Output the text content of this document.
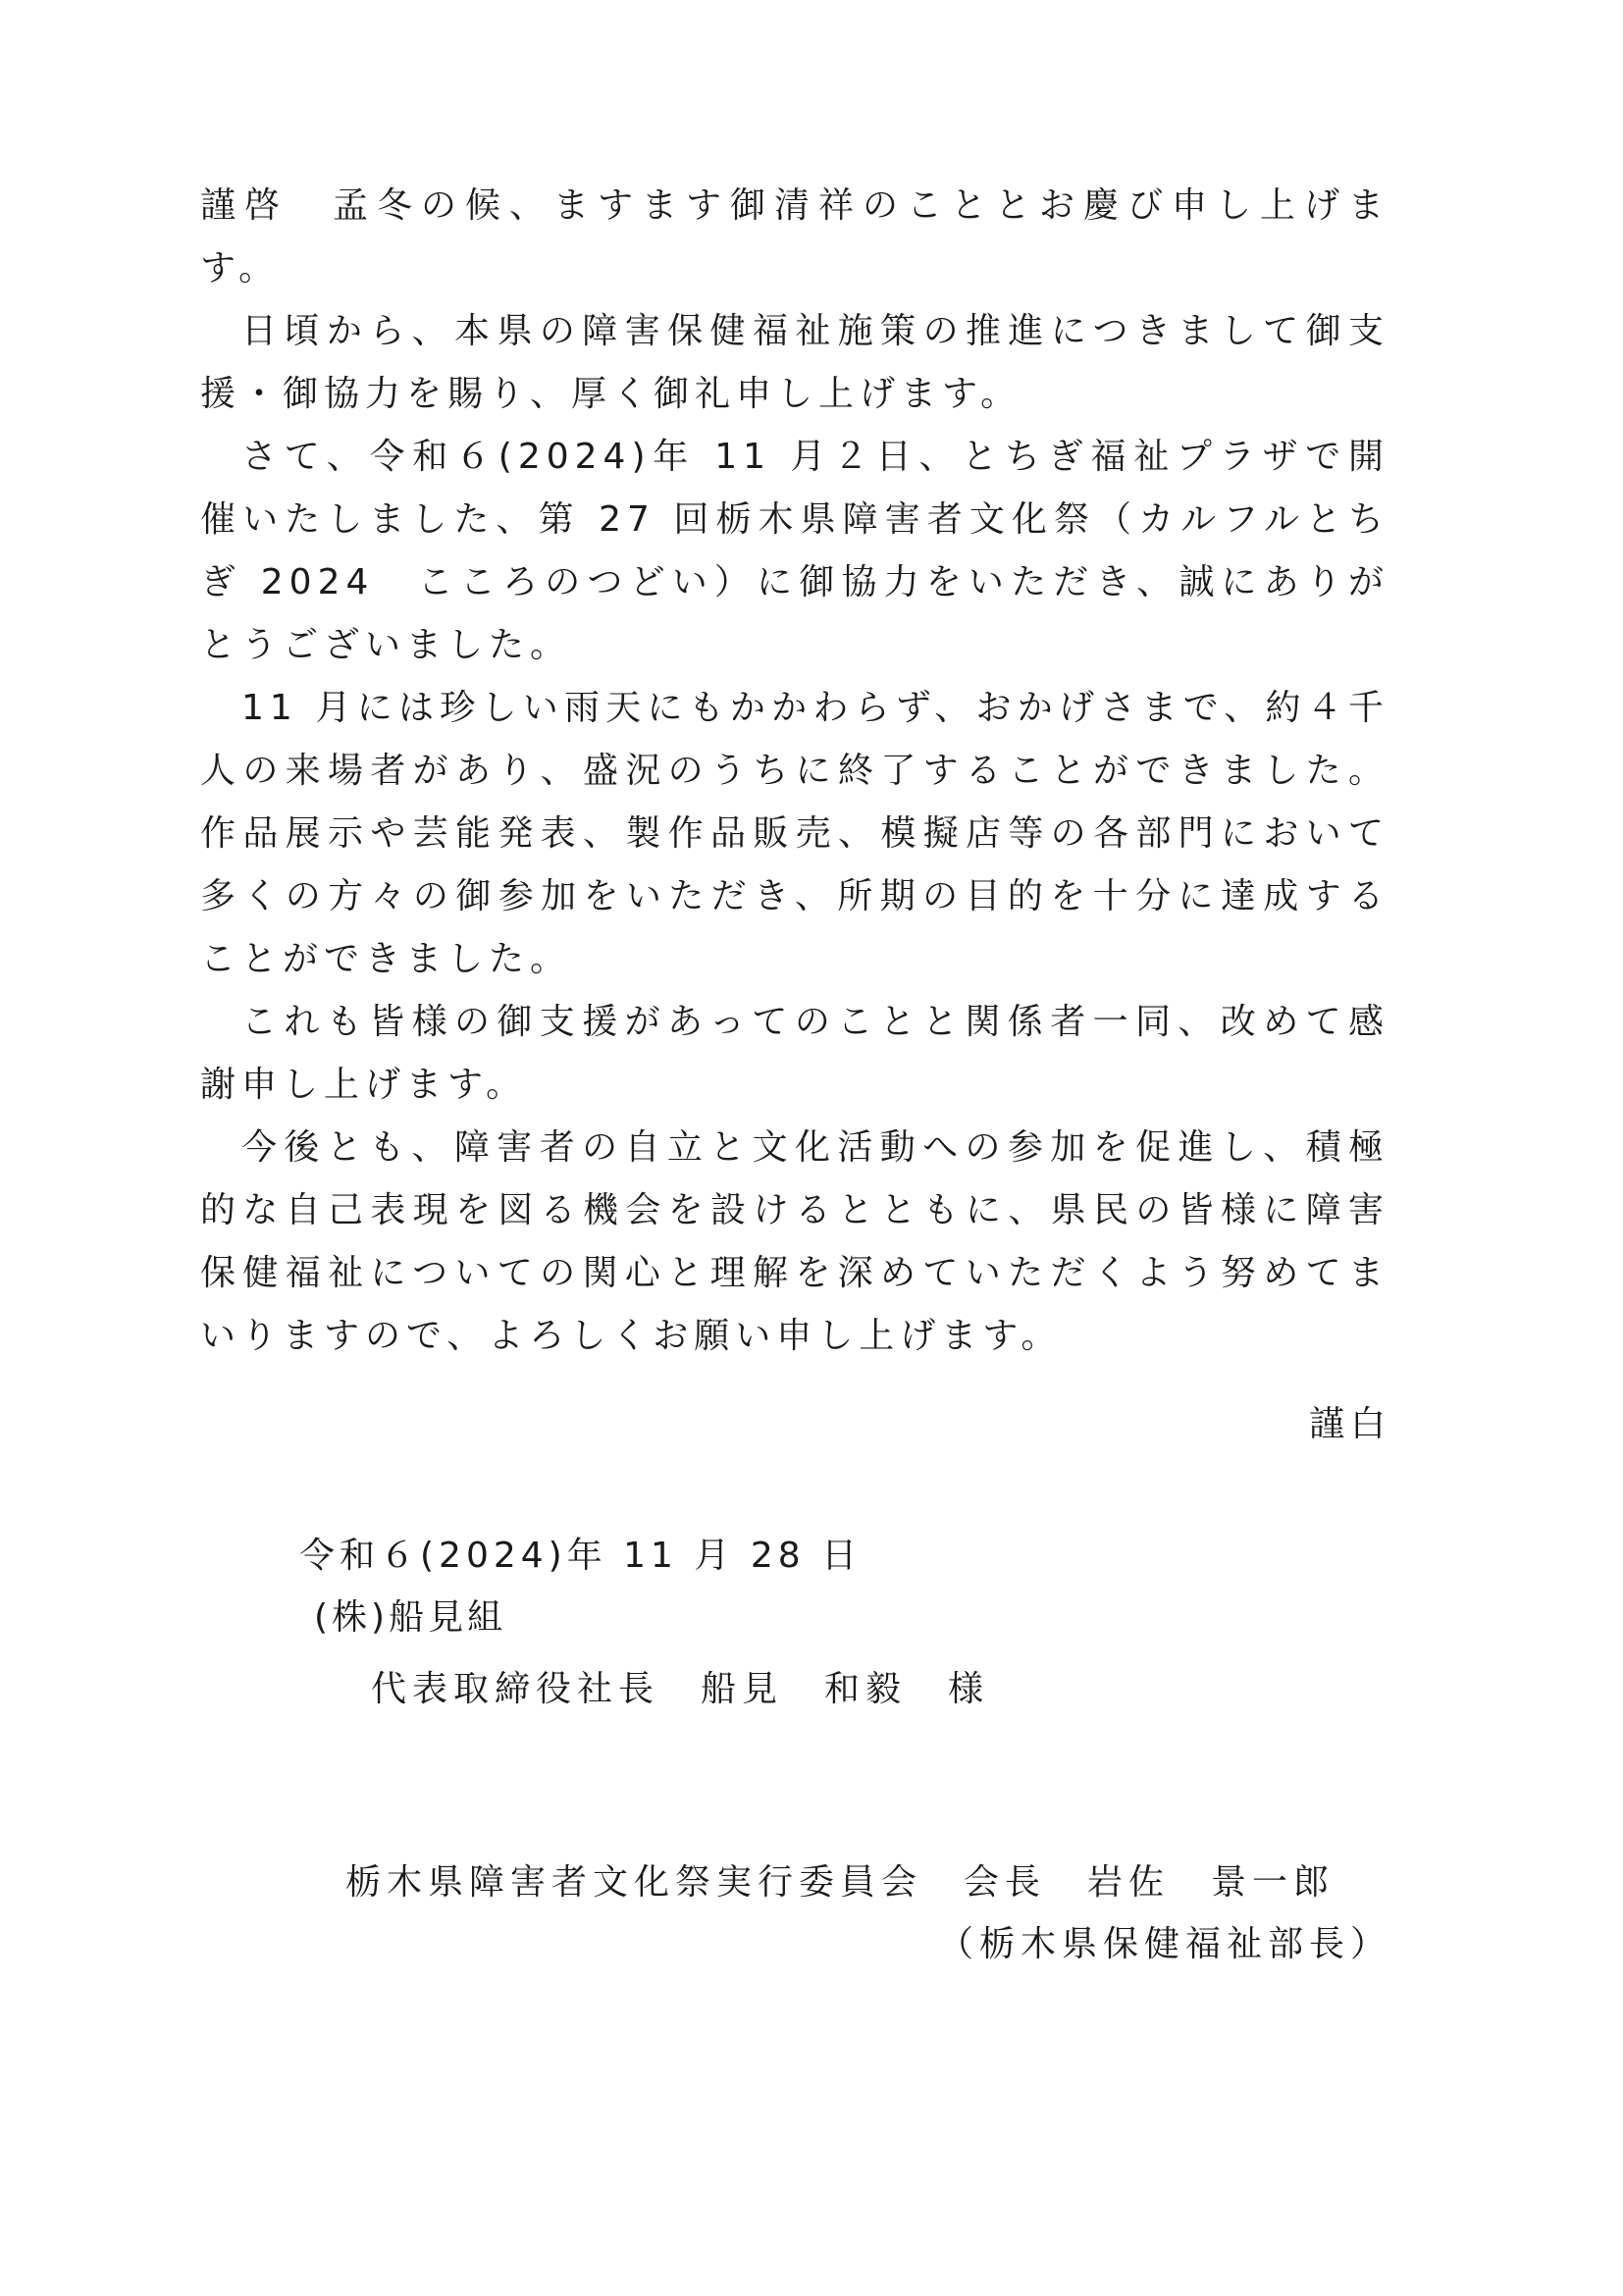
謹啓　孟冬の候、ますます御清祥のこととお慶び申し上げます。

日頃から、本県の障害保健福祉施策の推進につきまして御支援・御協力を賜り、厚く御礼申し上げます。

さて、令和６(2024)年 11 月２日、とちぎ福祉プラザで開催いたしました、第 27 回栃木県障害者文化祭（カルフルとちぎ 2024　こころのつどい）に御協力をいただき、誠にありがとうございました。

11 月には珍しい雨天にもかかわらず、おかげさまで、約４千人の来場者があり、盛況のうちに終了することができました。作品展示や芸能発表、製作品販売、模擬店等の各部門において多くの方々の御参加をいただき、所期の目的を十分に達成することができました。

これも皆様の御支援があってのことと関係者一同、改めて感謝申し上げます。

今後とも、障害者の自立と文化活動への参加を促進し、積極的な自己表現を図る機会を設けるとともに、県民の皆様に障害保健福祉についての関心と理解を深めていただくよう努めてまいりますので、よろしくお願い申し上げます。

謹白
令和６(2024)年 11 月 28 日
(株)船見組
代表取締役社長　船見　和毅　様
栃木県障害者文化祭実行委員会　会長　岩佐　景一郎
（栃木県保健福祉部長）
